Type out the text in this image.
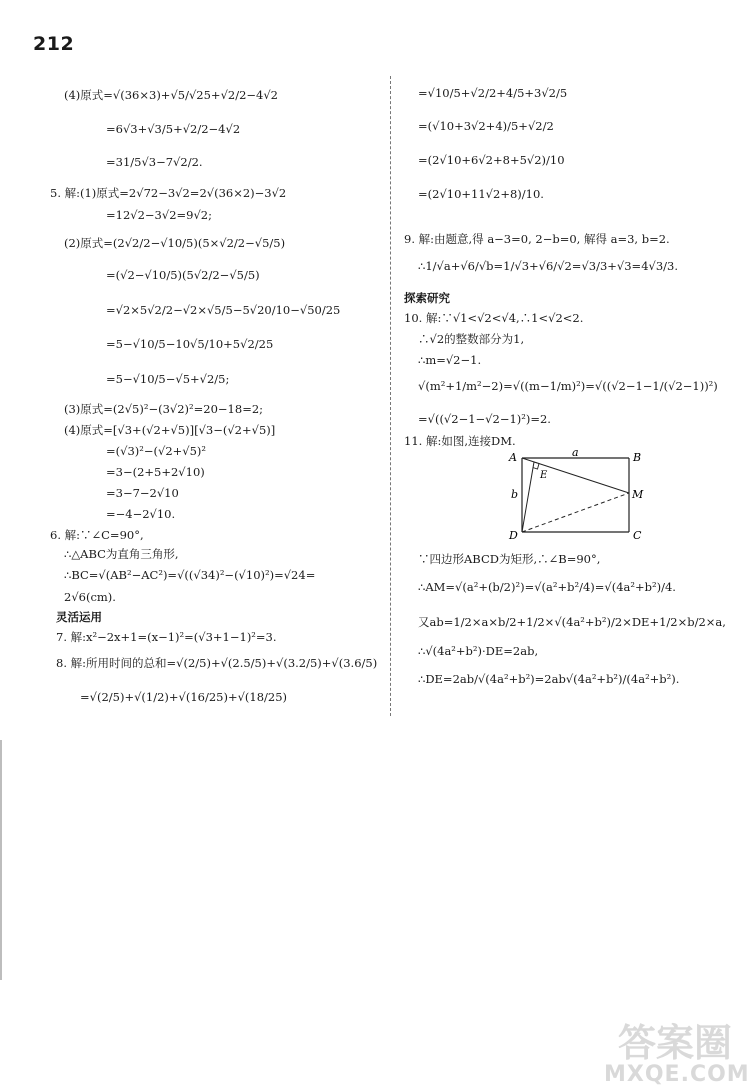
212
(4)原式=√(36×3)+√5/√25+√2/2−4√2
=6√3+√3/5+√2/2−4√2
=31/5√3−7√2/2.
5. 解:(1)原式=2√72−3√2=2√(36×2)−3√2
=12√2−3√2=9√2;
(2)原式=(2√2/2−√10/5)(5×√2/2−√5/5)
=(√2−√10/5)(5√2/2−√5/5)
=√2×5√2/2−√2×√5/5−5√20/10−√50/25
=5−√10/5−10√5/10+5√2/25
=5−√10/5−√5+√2/5;
(3)原式=(2√5)²−(3√2)²=20−18=2;
(4)原式=[√3+(√2+√5)][√3−(√2+√5)]
=(√3)²−(√2+√5)²
=3−(2+5+2√10)
=3−7−2√10
=−4−2√10.
6. 解:∵∠C=90°,
∴△ABC为直角三角形,
∴BC=√(AB²−AC²)=√((√34)²−(√10)²)=√24=
2√6(cm).
灵活运用
7. 解:x²−2x+1=(x−1)²=(√3+1−1)²=3.
8. 解:所用时间的总和=√(2/5)+√(2.5/5)+√(3.2/5)+√(3.6/5)
=√(2/5)+√(1/2)+√(16/25)+√(18/25)
=√10/5+√2/2+4/5+3√2/5
=(√10+3√2+4)/5+√2/2
=(2√10+6√2+8+5√2)/10
=(2√10+11√2+8)/10.
9. 解:由题意,得 a−3=0, 2−b=0, 解得 a=3, b=2.
∴1/√a+√6/√b=1/√3+√6/√2=√3/3+√3=4√3/3.
探索研究
10. 解:∵√1<√2<√4,∴1<√2<2.
∴√2的整数部分为1,
∴m=√2−1.
√(m²+1/m²−2)=√((m−1/m)²)=√((√2−1−1/(√2−1))²)
=√((√2−1−√2−1)²)=2.
11. 解:如图,连接DM.
∵四边形ABCD为矩形,∴∠B=90°,
∴AM=√(a²+(b/2)²)=√(a²+b²/4)=√(4a²+b²)/4.
又ab=1/2×a×b/2+1/2×√(4a²+b²)/2×DE+1/2×b/2×a,
∴√(4a²+b²)·DE=2ab,
∴DE=2ab/√(4a²+b²)=2ab√(4a²+b²)/(4a²+b²).
A	B
C
D
E
M
a
b
答案圈
MXQE.COM
